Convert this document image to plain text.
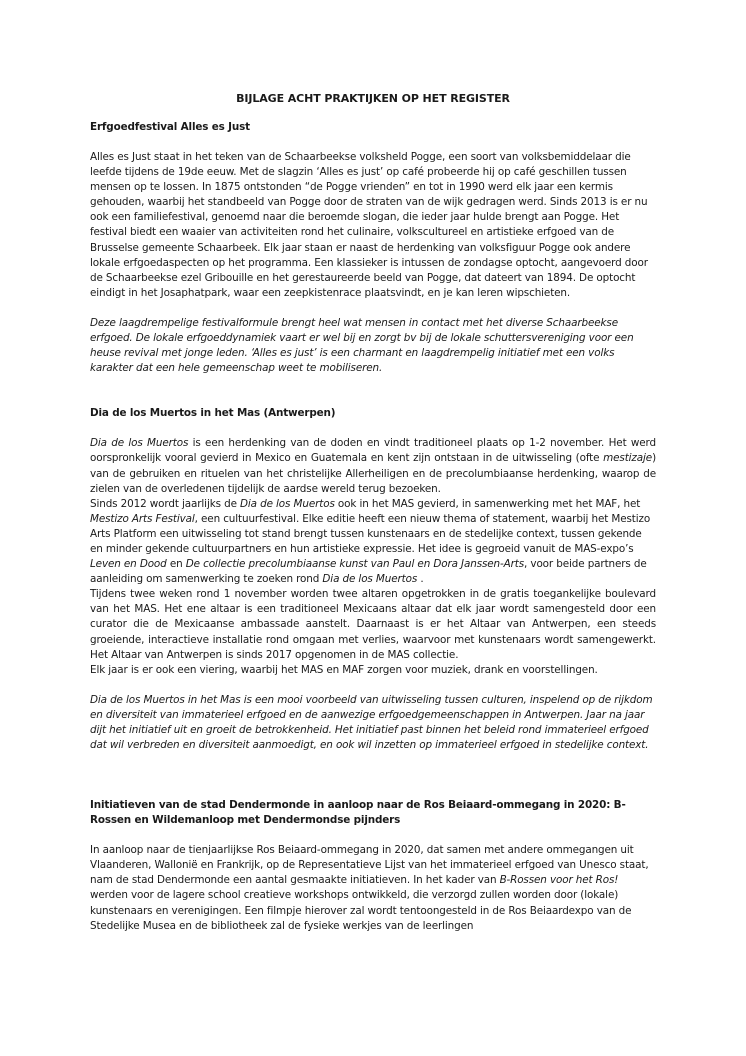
BIJLAGE ACHT PRAKTIJKEN OP HET REGISTER
Erfgoedfestival Alles es Just

Alles es Just staat in het teken van de Schaarbeekse volksheld Pogge, een soort van volksbemiddelaar die leefde tijdens de 19de eeuw. Met de slagzin ‘Alles es just’ op café probeerde hij op café geschillen tussen mensen op te lossen. In 1875 ontstonden “de Pogge vrienden” en tot in 1990 werd elk jaar een kermis gehouden, waarbij het standbeeld van Pogge door de straten van de wijk gedragen werd. Sinds 2013 is er nu ook een familiefestival, genoemd naar die beroemde slogan, die ieder jaar hulde brengt aan Pogge. Het festival biedt een waaier van activiteiten rond het culinaire, volkscultureel en artistieke erfgoed van de Brusselse gemeente Schaarbeek. Elk jaar staan er naast de herdenking van volksfiguur Pogge ook andere lokale erfgoedaspecten op het programma. Een klassieker is intussen de zondagse optocht, aangevoerd door de Schaarbeekse ezel Gribouille en het gerestaureerde beeld van Pogge, dat dateert van 1894. De optocht eindigt in het Josaphatpark, waar een zeepkistenrace plaatsvindt, en je kan leren wipschieten.

Deze laagdrempelige festivalformule brengt heel wat mensen in contact met het diverse Schaarbeekse erfgoed. De lokale erfgoeddynamiek vaart er wel bij en zorgt bv bij de lokale schuttersvereniging voor een heuse revival met jonge leden. ‘Alles es just’ is een charmant en laagdrempelig initiatief met een volks karakter dat een hele gemeenschap weet te mobiliseren.

Dia de los Muertos in het Mas (Antwerpen)

Dia de los Muertos is een herdenking van de doden en vindt traditioneel plaats op 1-2 november. Het werd oorspronkelijk vooral gevierd in Mexico en Guatemala en kent zijn ontstaan in de uitwisseling (ofte mestizaje) van de gebruiken en rituelen van het christelijke Allerheiligen en de precolumbiaanse herdenking, waarop de zielen van de overledenen tijdelijk de aardse wereld terug bezoeken.

Sinds 2012 wordt jaarlijks de Dia de los Muertos ook in het MAS gevierd, in samenwerking met het MAF, het Mestizo Arts Festival, een cultuurfestival. Elke editie heeft een nieuw thema of statement, waarbij het Mestizo Arts Platform een uitwisseling tot stand brengt tussen kunstenaars en de stedelijke context, tussen gekende en minder gekende cultuurpartners en hun artistieke expressie. Het idee is gegroeid vanuit de MAS-expo’s Leven en Dood en De collectie precolumbiaanse kunst van Paul en Dora Janssen-Arts, voor beide partners de aanleiding om samenwerking te zoeken rond Dia de los Muertos .

Tijdens twee weken rond 1 november worden twee altaren opgetrokken in de gratis toegankelijke boulevard van het MAS. Het ene altaar is een traditioneel Mexicaans altaar dat elk jaar wordt samengesteld door een curator die de Mexicaanse ambassade aanstelt. Daarnaast is er het Altaar van Antwerpen, een steeds groeiende, interactieve installatie rond omgaan met verlies, waarvoor met kunstenaars wordt samengewerkt. Het Altaar van Antwerpen is sinds 2017 opgenomen in de MAS collectie.

Elk jaar is er ook een viering, waarbij het MAS en MAF zorgen voor muziek, drank en voorstellingen.

Dia de los Muertos in het Mas is een mooi voorbeeld van uitwisseling tussen culturen, inspelend op de rijkdom en diversiteit van immaterieel erfgoed en de aanwezige erfgoedgemeenschappen in Antwerpen. Jaar na jaar dijt het initiatief uit en groeit de betrokkenheid. Het initiatief past binnen het beleid rond immaterieel erfgoed dat wil verbreden en diversiteit aanmoedigt, en ook wil inzetten op immaterieel erfgoed in stedelijke context.

Initiatieven van de stad Dendermonde in aanloop naar de Ros Beiaard-ommegang in 2020: B-Rossen en Wildemanloop met Dendermondse pijnders

In aanloop naar de tienjaarlijkse Ros Beiaard-ommegang in 2020, dat samen met andere ommegangen uit Vlaanderen, Wallonië en Frankrijk, op de Representatieve Lijst van het immaterieel erfgoed van Unesco staat, nam de stad Dendermonde een aantal gesmaakte initiatieven. In het kader van B-Rossen voor het Ros! werden voor de lagere school creatieve workshops ontwikkeld, die verzorgd zullen worden door (lokale) kunstenaars en verenigingen. Een filmpje hierover zal wordt tentoongesteld in de Ros Beiaardexpo van de Stedelijke Musea en de bibliotheek zal de fysieke werkjes van de leerlingen
